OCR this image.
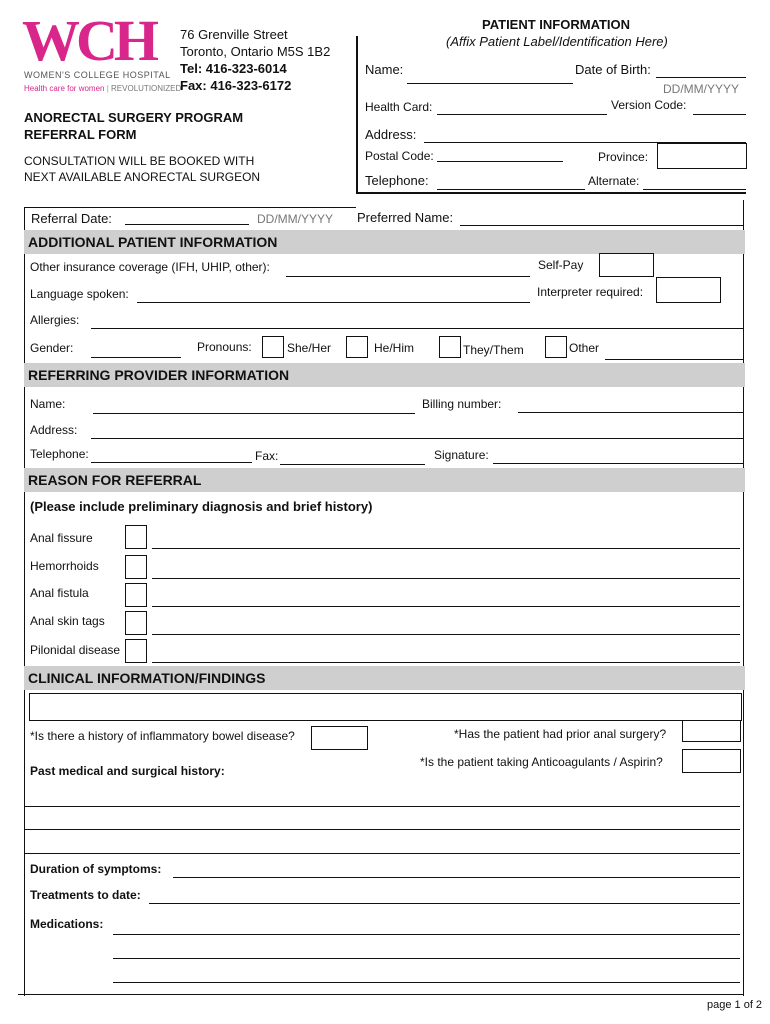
WCH
WOMEN'S COLLEGE HOSPITAL
Health care for women | REVOLUTIONIZED
76 Grenville Street
Toronto, Ontario M5S 1B2
Tel: 416-323-6014
Fax: 416-323-6172
ANORECTAL SURGERY PROGRAM
REFERRAL FORM
CONSULTATION WILL BE BOOKED WITH
NEXT AVAILABLE ANORECTAL SURGEON
PATIENT INFORMATION
(Affix Patient Label/Identification Here)
Name:	Date of Birth:
DD/MM/YYYY
Health Card:	Version Code:
Address:
Postal Code:	Province:
Telephone:	Alternate:
Referral Date:	DD/MM/YYYY Preferred Name:
ADDITIONAL PATIENT INFORMATION
Other insurance coverage (IFH, UHIP, other):	Self-Pay
Language spoken:	Interpreter required:
Allergies:
Gender:	Pronouns:	She/Her	He/Him	They/Them	Other
REFERRING PROVIDER INFORMATION
Name:	Billing number:
Address:
Telephone:	Fax:	Signature:
REASON FOR REFERRAL
(Please include preliminary diagnosis and brief history)
Anal fissure
Hemorrhoids
Anal fistula
Anal skin tags
Pilonidal disease
CLINICAL INFORMATION/FINDINGS
*Is there a history of inflammatory bowel disease?	*Has the patient had prior anal surgery?
*Is the patient taking Anticoagulants / Aspirin?
Past medical and surgical history:
Duration of symptoms:
Treatments to date:
Medications:
page 1 of 2
